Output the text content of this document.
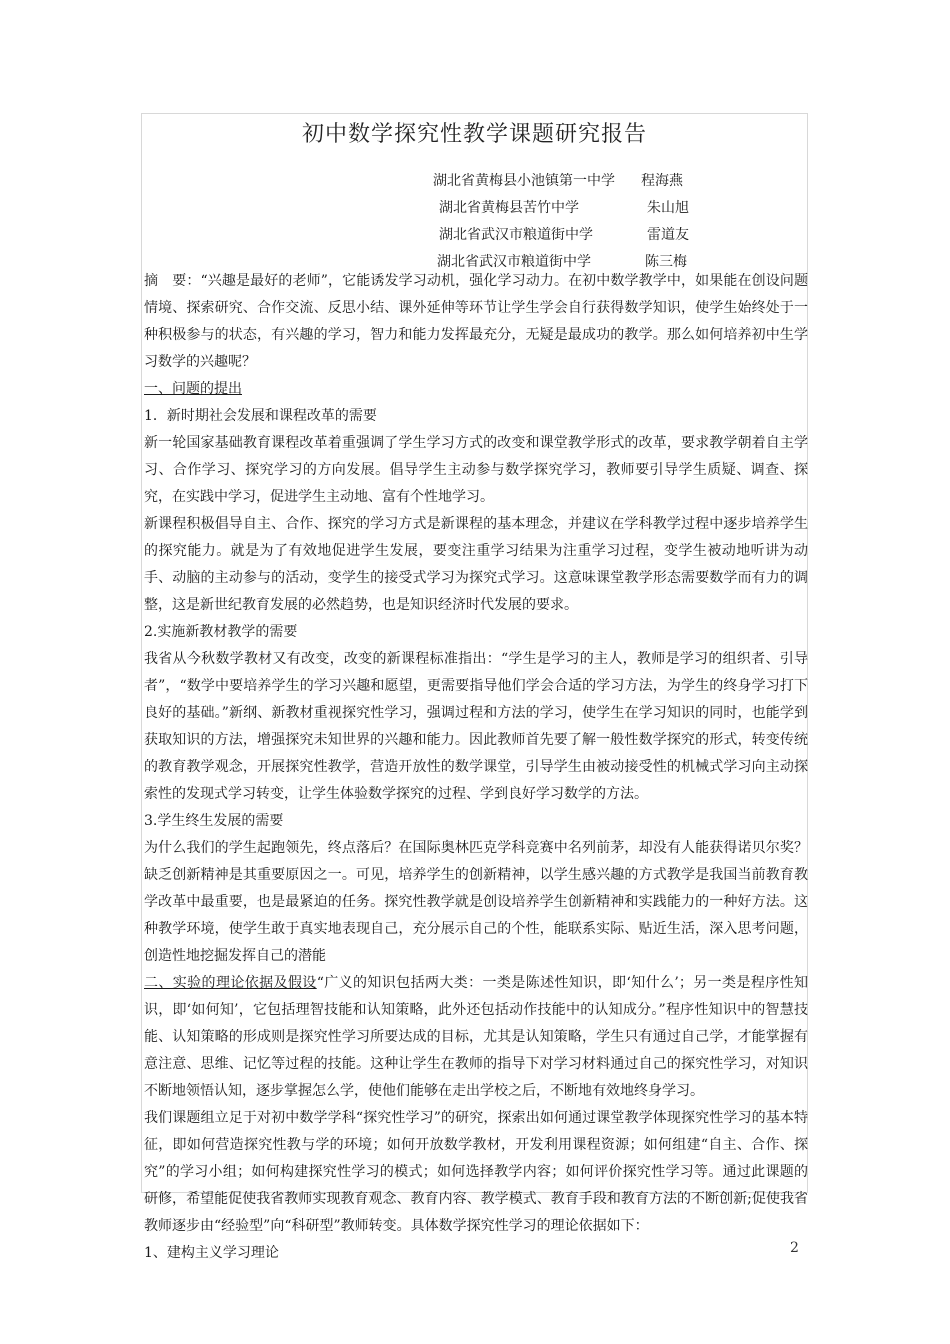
初中数学探究性教学课题研究报告
湖北省黄梅县小池镇第一中学	程海燕
湖北省黄梅县苦竹中学	朱山旭
湖北省武汉市粮道街中学	雷道友
湖北省武汉市粮道街中学	陈三梅

摘　要：“兴趣是最好的老师”，它能诱发学习动机，强化学习动力。在初中数学教学中，如果能在创设问题情境、探索研究、合作交流、反思小结、课外延伸等环节让学生学会自行获得数学知识，使学生始终处于一种积极参与的状态，有兴趣的学习，智力和能力发挥最充分，无疑是最成功的教学。那么如何培养初中生学习数学的兴趣呢？

一、问题的提出

1．新时期社会发展和课程改革的需要

新一轮国家基础教育课程改革着重强调了学生学习方式的改变和课堂教学形式的改革，要求教学朝着自主学习、合作学习、探究学习的方向发展。倡导学生主动参与数学探究学习，教师要引导学生质疑、调查、探究，在实践中学习，促进学生主动地、富有个性地学习。

新课程积极倡导自主、合作、探究的学习方式是新课程的基本理念，并建议在学科教学过程中逐步培养学生的探究能力。就是为了有效地促进学生发展，要变注重学习结果为注重学习过程，变学生被动地听讲为动手、动脑的主动参与的活动，变学生的接受式学习为探究式学习。这意味课堂教学形态需要数学而有力的调整，这是新世纪教育发展的必然趋势，也是知识经济时代发展的要求。

2.实施新教材教学的需要

我省从今秋数学教材又有改变，改变的新课程标准指出：“学生是学习的主人，教师是学习的组织者、引导者”，“数学中要培养学生的学习兴趣和愿望，更需要指导他们学会合适的学习方法，为学生的终身学习打下良好的基础。”新纲、新教材重视探究性学习，强调过程和方法的学习，使学生在学习知识的同时，也能学到获取知识的方法，增强探究未知世界的兴趣和能力。因此教师首先要了解一般性数学探究的形式，转变传统的教育教学观念，开展探究性教学，营造开放性的数学课堂，引导学生由被动接受性的机械式学习向主动探索性的发现式学习转变，让学生体验数学探究的过程、学到良好学习数学的方法。

3.学生终生发展的需要

为什么我们的学生起跑领先，终点落后？在国际奥林匹克学科竞赛中名列前茅，却没有人能获得诺贝尔奖？缺乏创新精神是其重要原因之一。可见，培养学生的创新精神，以学生感兴趣的方式教学是我国当前教育教学改革中最重要，也是最紧迫的任务。探究性教学就是创设培养学生创新精神和实践能力的一种好方法。这种教学环境，使学生敢于真实地表现自己，充分展示自己的个性，能联系实际、贴近生活，深入思考问题，创造性地挖掘发挥自己的潜能

二、实验的理论依据及假设“广义的知识包括两大类：一类是陈述性知识，即‘知什么’；另一类是程序性知识，即‘如何知’，它包括理智技能和认知策略，此外还包括动作技能中的认知成分。”程序性知识中的智慧技能、认知策略的形成则是探究性学习所要达成的目标，尤其是认知策略，学生只有通过自己学，才能掌握有意注意、思维、记忆等过程的技能。这种让学生在教师的指导下对学习材料通过自己的探究性学习，对知识不断地领悟认知，逐步掌握怎么学，使他们能够在走出学校之后，不断地有效地终身学习。

我们课题组立足于对初中数学学科“探究性学习”的研究，探索出如何通过课堂教学体现探究性学习的基本特征，即如何营造探究性教与学的环境；如何开放数学教材，开发利用课程资源；如何组建“自主、合作、探究”的学习小组；如何构建探究性学习的模式；如何选择教学内容；如何评价探究性学习等。通过此课题的研修，希望能促使我省教师实现教育观念、教育内容、教学模式、教育手段和教育方法的不断创新;促使我省教师逐步由“经验型”向“科研型”教师转变。具体数学探究性学习的理论依据如下：

1、建构主义学习理论	2
